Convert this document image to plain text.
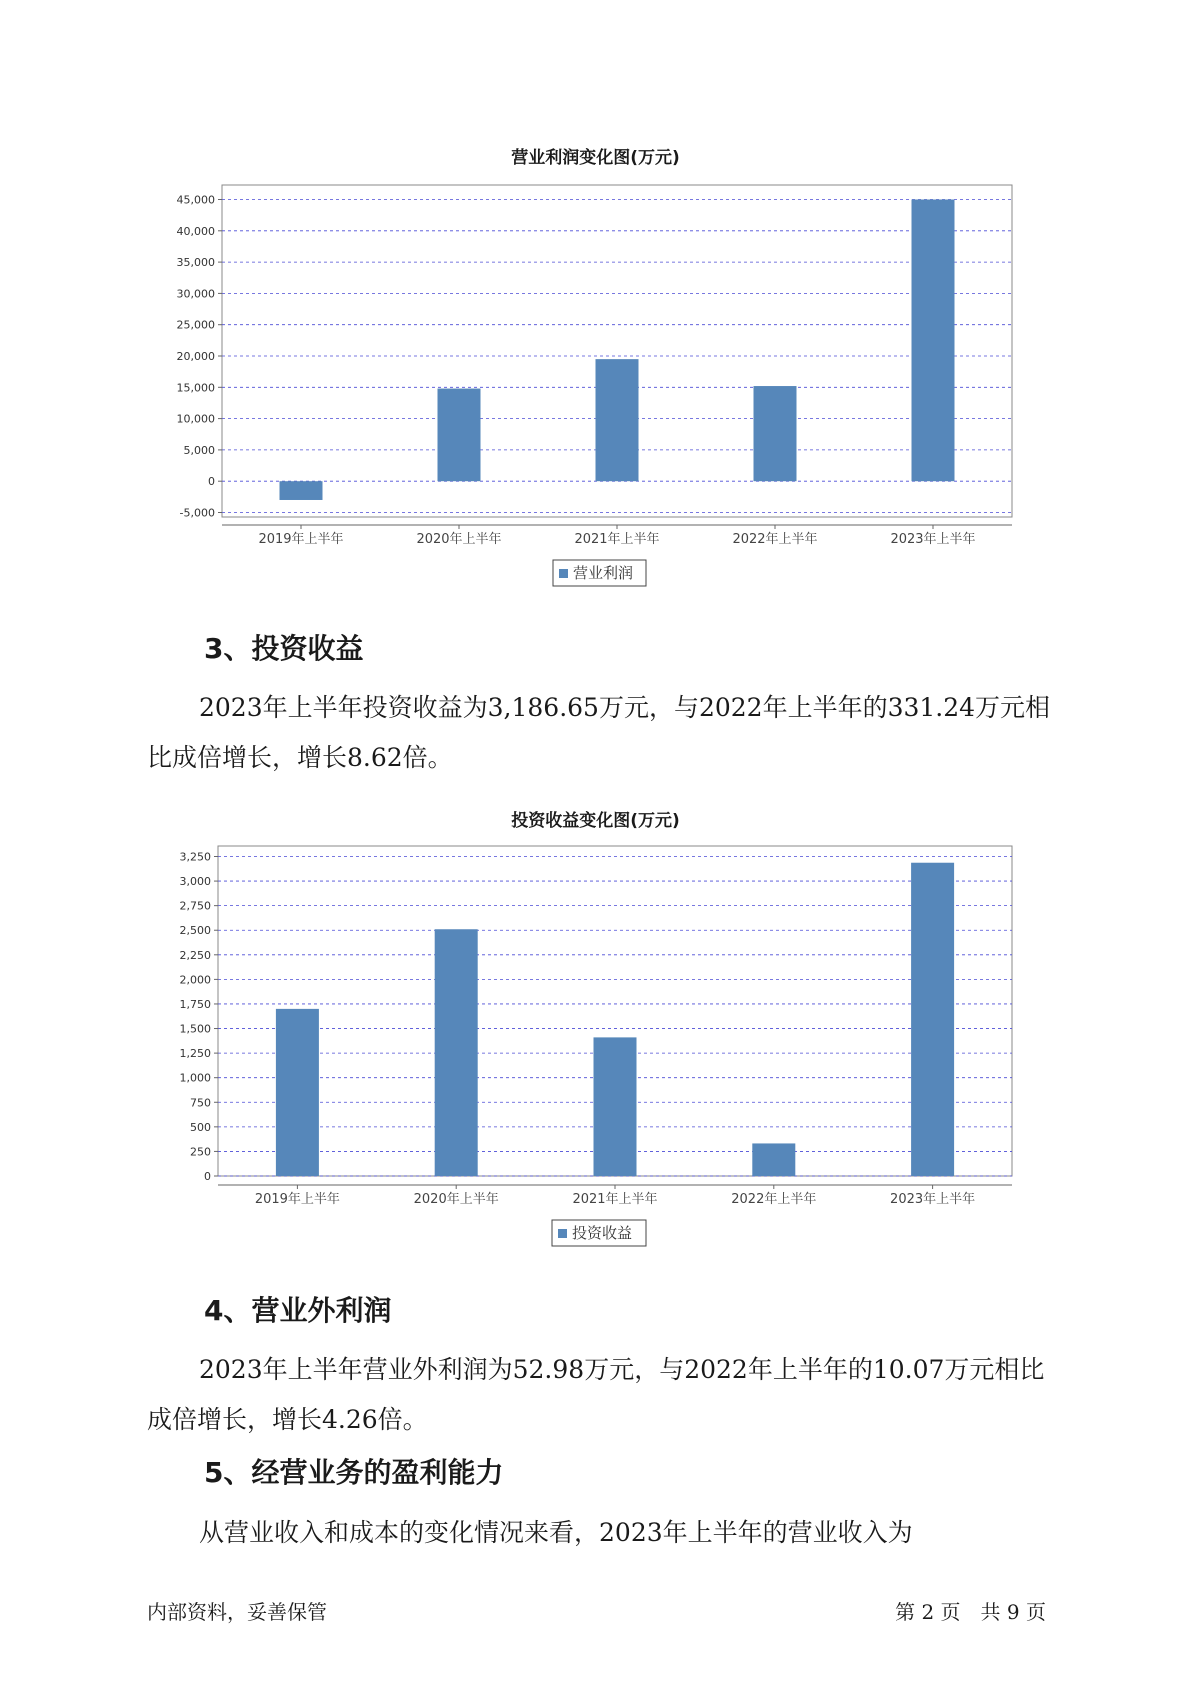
营业利润变化图(万元)
-5,000
0
5,000
10,000
15,000
20,000
25,000
30,000
35,000
40,000
45,000
2019年上半年	2020年上半年	2021年上半年	2022年上半年	2023年上半年
营业利润
3、投资收益

2023年上半年投资收益为3,186.65万元，与2022年上半年的331.24万元相比成倍增长，增长8.62倍。

投资收益变化图(万元)
0
250
500
750
1,000
1,250
1,500
1,750
2,000
2,250
2,500
2,750
3,000
3,250
2019年上半年	2020年上半年	2021年上半年	2022年上半年	2023年上半年
投资收益
4、营业外利润

2023年上半年营业外利润为52.98万元，与2022年上半年的10.07万元相比成倍增长，增长4.26倍。

5、经营业务的盈利能力

从营业收入和成本的变化情况来看，2023年上半年的营业收入为

内部资料，妥善保管	第 2 页　共 9 页
